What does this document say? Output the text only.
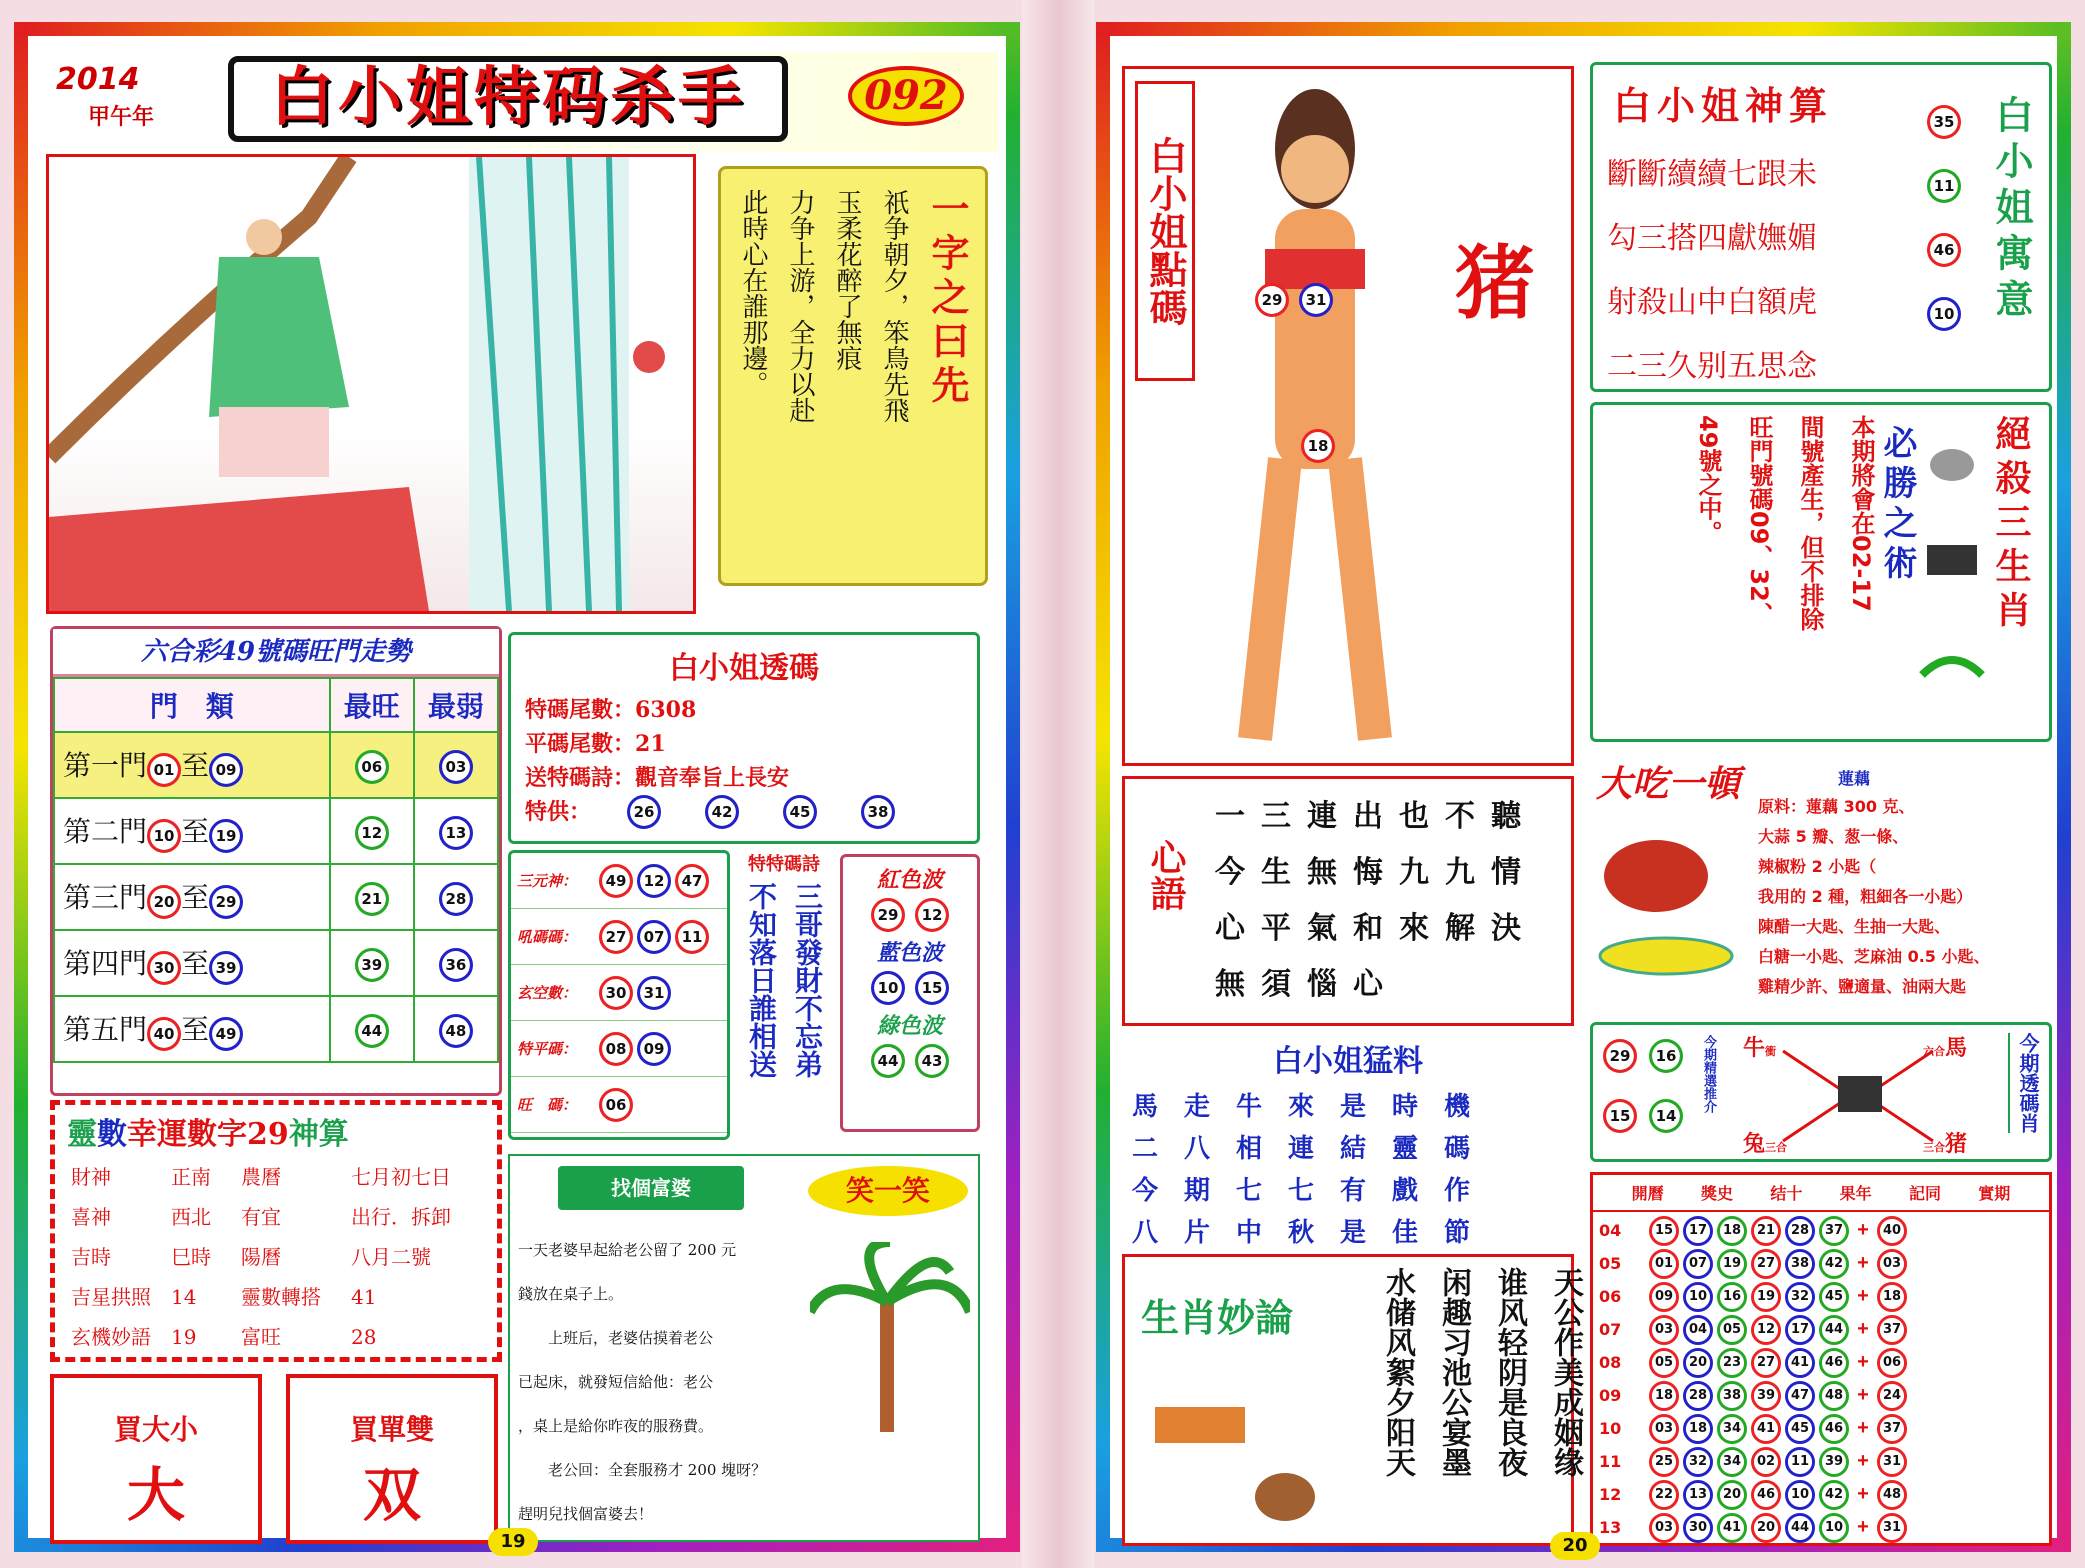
2014
甲午年	白小姐特码杀手	092
一字之曰先
祇争朝夕，笨鳥先飛
玉柔花醉了無痕
力争上游，全力以赴
此時心在誰那邊。
六合彩49號碼旺門走勢
門　類	最旺	最弱
第一門 01 至 09	06	03

第二門 10 至 19	12	13

第三門 20 至 29	21	28

第四門 30 至 39	39	36

第五門 40 至 49	44	48
白小姐透碼
特碼尾數：6308
平碼尾數：21
送特碼詩：觀音奉旨上長安
特供：	26	42	45	38
三元神：	49 12 47
吼碼碼：	27 07 11
玄空數：	30 31
特平碼：	08 09
旺　碼：	06
特特碼詩
三哥發財不忘弟
不知落日誰相送
紅色波
29 12
藍色波
10 15
綠色波
44 43
靈數幸運數字29神算
財神	正南	農曆	七月初七日
喜神	西北	有宜	出行．拆卸
吉時	巳時	陽曆	八月二號
吉星拱照	14	靈數轉搭	41
玄機妙語	19	富旺	28
找個富婆	笑一笑
一天老婆早起給老公留了 200 元
錢放在桌子上。
　　上班后，老婆估摸着老公
已起床，就發短信給他：老公
，桌上是給你昨夜的服務費。
　　老公回：全套服務才 200 塊呀？
趕明兒找個富婆去！
買大小
大
買單雙
双
19
白小姐點碼	29 31
18
猪
白小姐神算
斷斷續續七跟未
勾三搭四獻嫵媚
射殺山中白額虎
二三久别五思念
35
11
46
10 白小姐寓意
本期將會在02-17
間號產生，但不排除
旺門號碼09、32、
49號之中。	必勝之術 絕殺三生肖
心語
一三連出也不聽
今生無悔九九情
心平氣和來解決
無須惱心
大吃一頓	蓮藕
原料：蓮藕 300 克、
大蒜 5 瓣、葱一條、
辣椒粉 2 小匙（
我用的 2 種，粗細各一小匙）
陳醋一大匙、生抽一大匙、
白糖一小匙、芝麻油 0.5 小匙、
雞精少許、鹽適量、油兩大匙
白小姐猛料
馬走牛來是時機
二八相連結靈碼
今期七七有戲作
八片中秋是佳節
29 16
15 14
今期精選推介 牛衝	六合馬
兔三合	三合猪
今期透碼肖
生肖妙論	天公作美成姻缘
谁风轻阴是良夜
闲趣习池公宴墨
水储风絮夕阳天
開曆 獎史 结十 果年 記同 實期
04	15 17 18 21 28 37 +	40
05	01 07 19 27 38 42 +	03
06	09 10 16 19 32 45 +	18
07	03 04 05 12 17 44 +	37
08	05 20 23 27 41 46 +	06
09	18 28 38 39 47 48 +	24
10	03 18 34 41 45 46 +	37
11	25 32 34 02 11 39 +	31
12	22 13 20 46 10 42 +	48
13	03 30 41 20 44 10 +	31
20
